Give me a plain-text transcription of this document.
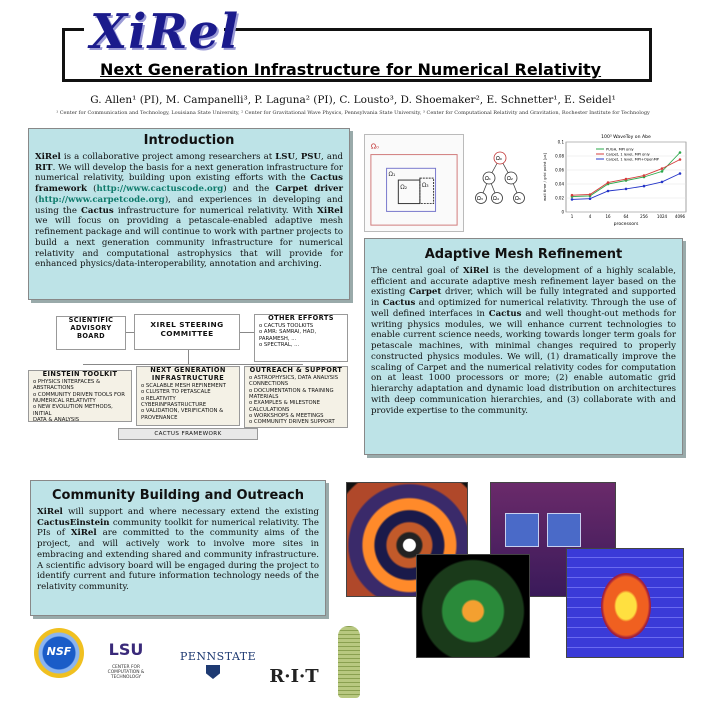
XiRel
Next Generation Infrastructure for Numerical Relativity
G. Allen¹ (PI), M. Campanelli³, P. Laguna² (PI), C. Lousto³, D. Shoemaker², E. Schnetter¹, E. Seidel¹
¹ Center for Communication and Technology, Louisiana State University, ² Center for Gravitational Wave Physics, Pennsylvania State University, ³ Center for Computational Relativity and Gravitation, Rochester Institute for Technology
Introduction

XiRel is a collaborative project among researchers at LSU, PSU, and RIT. We will develop the basis for a next generation infrastructure for numerical relativity, building upon existing efforts with the Cactus framework (http://www.cactuscode.org) and the Carpet driver (http://www.carpetcode.org), and experiences in developing and using the Cactus infrastructure for numerical relativity. With XiRel we will focus on providing a petascale-enabled adaptive mesh refinement package and will continue to work with partner projects to build a next generation community infrastructure for numerical relativity and computational astrophysics that will provide for enhanced physics/data-interoperability, annotation and archiving.

SCIENTIFIC
ADVISORY
BOARD
XIREL STEERING
COMMITTEE
OTHER EFFORTS
o CACTUS TOOLKITS
o AMR: SAMRAI, HAD,
PARAMESH, ...
o SPECTRAL, ...
EINSTEIN TOOLKIT
o PHYSICS INTERFACES & ABSTRACTIONS
o COMMUNITY DRIVEN TOOLS FOR
NUMERICAL RELATIVITY
o NEW EVOLUTION METHODS, INITIAL
DATA & ANALYSIS
NEXT GENERATION
INFRASTRUCTURE
o SCALABLE MESH REFINEMENT
o CLUSTER TO PETASCALE
o RELATIVITY CYBERINFRASTRUCTURE
o VALIDATION, VERIFICATION &
PROVENANCE
OUTREACH & SUPPORT
o ASTROPHYSICS, DATA ANALYSIS
CONNECTIONS
o DOCUMENTATION & TRAINING
MATERIALS
o EXAMPLES & MILESTONE
CALCULATIONS
o WORKSHOPS & MEETINGS
o COMMUNITY DRIVEN SUPPORT
CACTUS FRAMEWORK
Ω₀
Ω₁
Ω₂ Ω₃
Ω₀
Ω₁	Ω₂
Ω₃ Ω₄	Ω₅
0
0.02
0.04
0.06
0.08
0.1
1	4	16	64	256 1024 4096
PUGH, MPI only
Carpet, 1 level, MPI only
Carpet, 1 level, MPI+OpenMP
100³ WaveToy on Abe
processors
wall time / grid point [μs]
Adaptive Mesh Refinement

The central goal of XiRel is the development of a highly scalable, efficient and accurate adaptive mesh refinement layer based on the existing Carpet driver, which will be fully integrated and supported in Cactus and optimized for numerical relativity. Through the use of well defined interfaces in Cactus and well thought-out methods for writing physics modules, we will enhance current technologies to enable current science needs, working towards longer term goals for petascale machines, with minimal changes required to properly constructed physics modules. We will, (1) dramatically improve the scaling of Carpet and the numerical relativity codes for computation on at least 1000 processors or more; (2) enable automatic grid hierarchy adaptation and dynamic load distribution on architectures with deep communication hierarchies, and (3) collaborate with and provide expertise to the community.

Community Building and Outreach

XiRel will support and where necessary extend the existing CactusEinstein community toolkit for numerical relativity. The PIs of XiRel are committed to the community aims of the project, and will actively work to involve more sites in embracing and extending shared and community infrastructure. A scientific advisory board will be engaged during the project to identify current and future information technology needs of the relativity community.

NSF	LSU
CENTER FOR COMPUTATION & TECHNOLOGY
PENNSTATE
R·I·T
